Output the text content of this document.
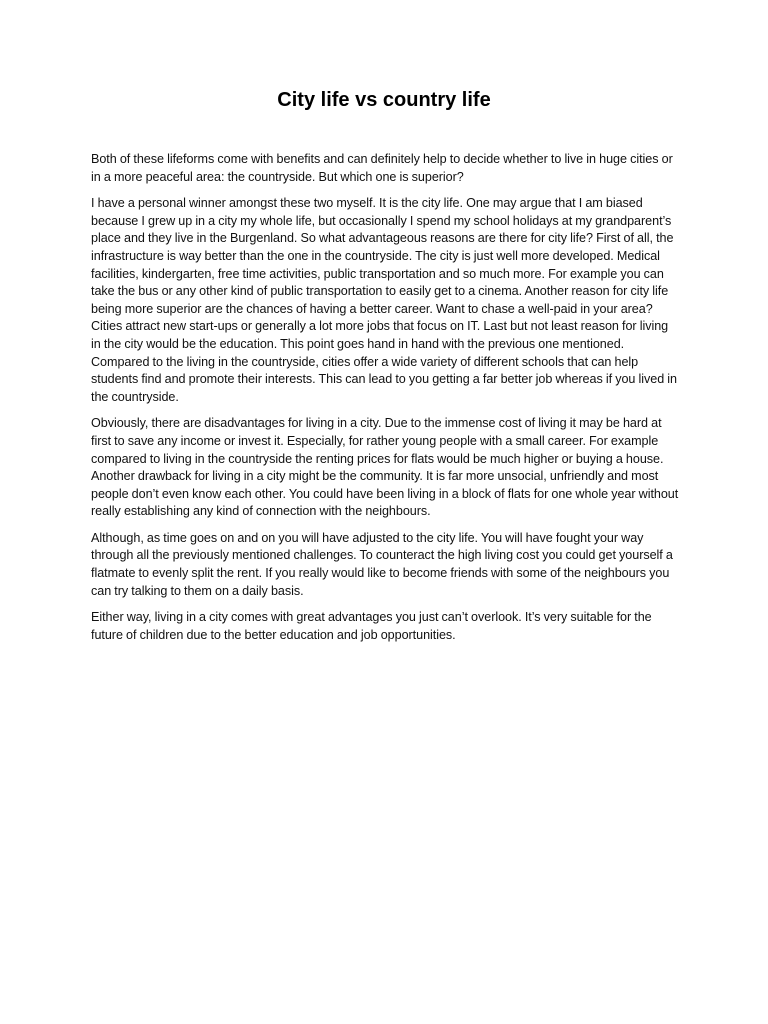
City life vs country life

Both of these lifeforms come with benefits and can definitely help to decide whether to live in huge cities or in a more peaceful area: the countryside. But which one is superior?

I have a personal winner amongst these two myself. It is the city life. One may argue that I am biased because I grew up in a city my whole life, but occasionally I spend my school holidays at my grandparent’s place and they live in the Burgenland. So what advantageous reasons are there for city life? First of all, the infrastructure is way better than the one in the countryside. The city is just well more developed. Medical facilities, kindergarten, free time activities, public transportation and so much more. For example you can take the bus or any other kind of public transportation to easily get to a cinema. Another reason for city life being more superior are the chances of having a better career. Want to chase a well-paid in your area? Cities attract new start-ups or generally a lot more jobs that focus on IT. Last but not least reason for living in the city would be the education. This point goes hand in hand with the previous one mentioned. Compared to the living in the countryside, cities offer a wide variety of different schools that can help students find and promote their interests. This can lead to you getting a far better job whereas if you lived in the countryside.

Obviously, there are disadvantages for living in a city. Due to the immense cost of living it may be hard at first to save any income or invest it. Especially, for rather young people with a small career. For example compared to living in the countryside the renting prices for flats would be much higher or buying a house. Another drawback for living in a city might be the community. It is far more unsocial, unfriendly and most people don’t even know each other. You could have been living in a block of flats for one whole year without really establishing any kind of connection with the neighbours.

Although, as time goes on and on you will have adjusted to the city life. You will have fought your way through all the previously mentioned challenges. To counteract the high living cost you could get yourself a flatmate to evenly split the rent. If you really would like to become friends with some of the neighbours you can try talking to them on a daily basis.

Either way, living in a city comes with great advantages you just can’t overlook. It’s very suitable for the future of children due to the better education and job opportunities.
